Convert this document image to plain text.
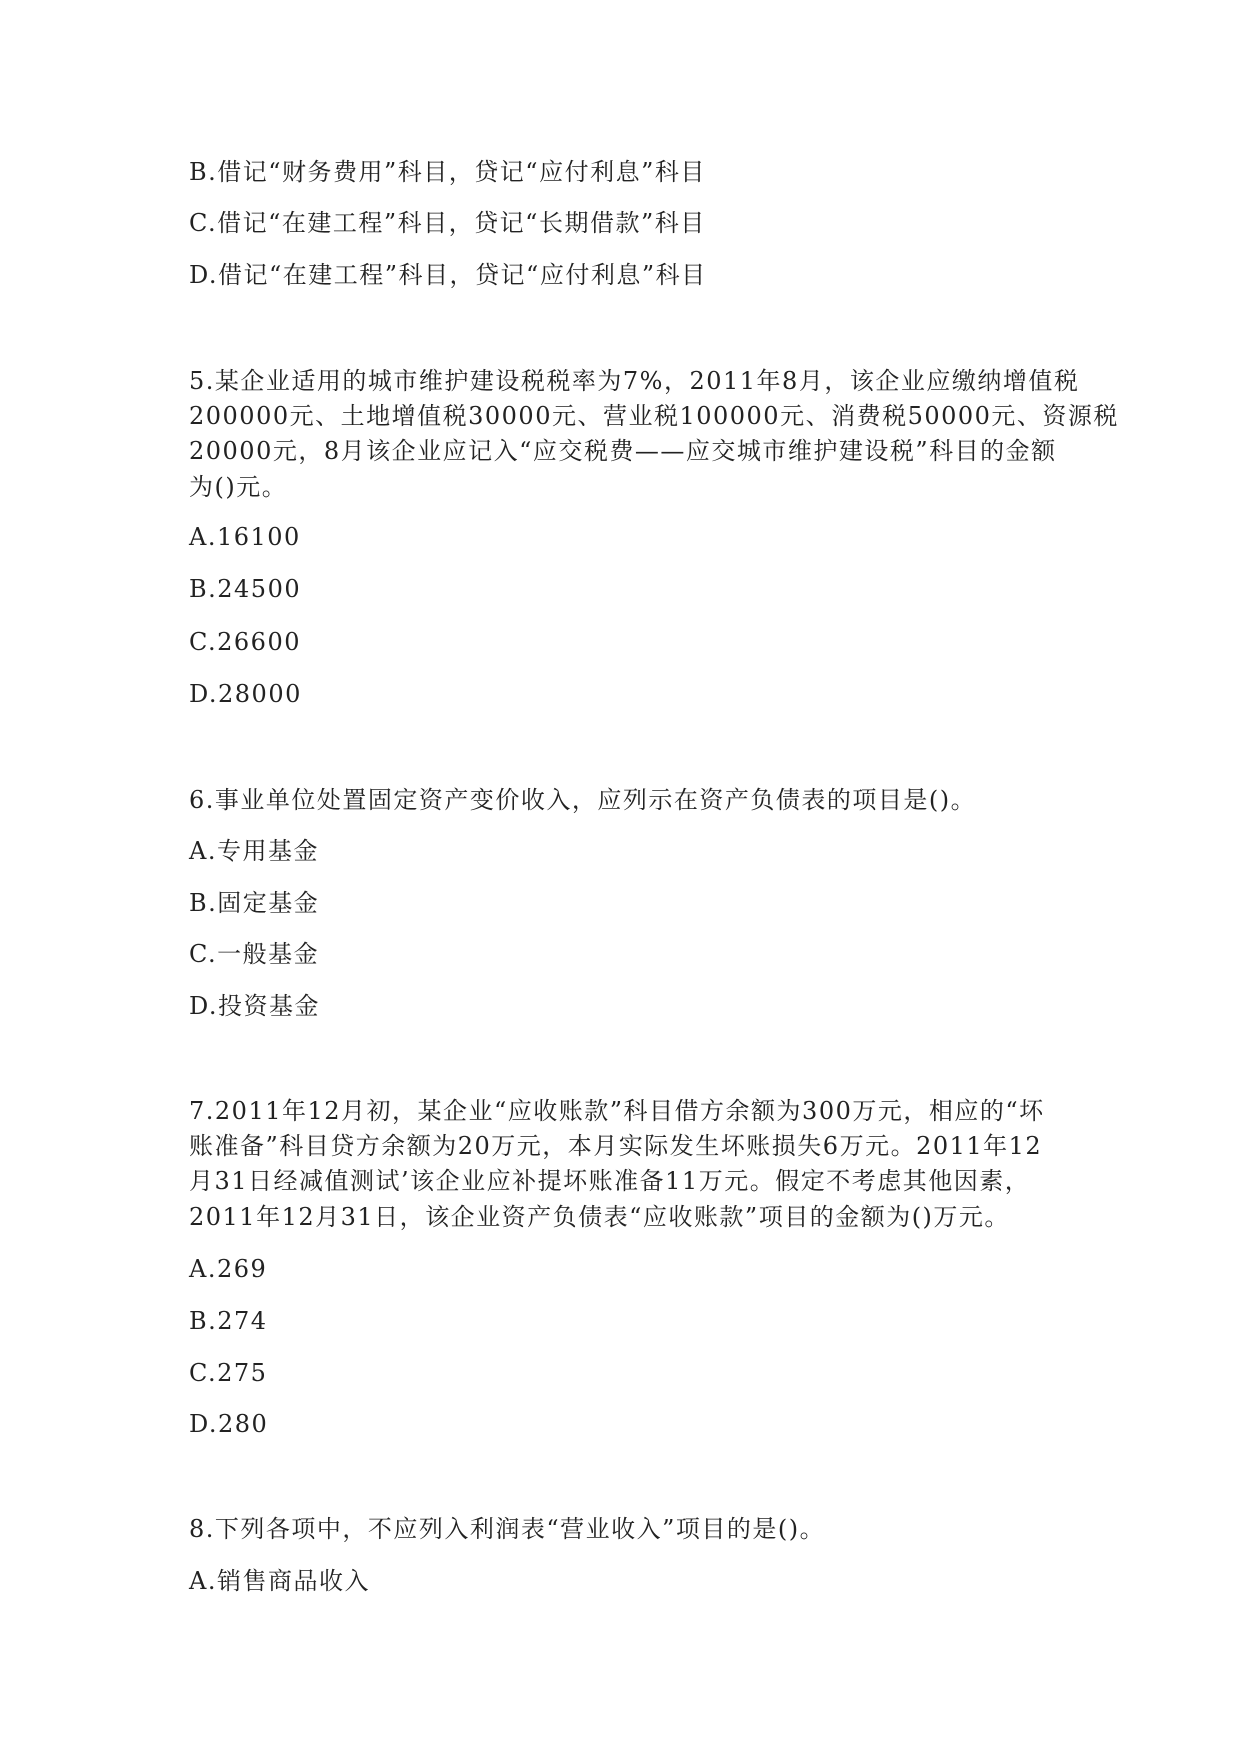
B.借记“财务费用”科目，贷记“应付利息”科目
C.借记“在建工程”科目，贷记“长期借款”科目
D.借记“在建工程”科目，贷记“应付利息”科目
5.某企业适用的城市维护建设税税率为7%，2011年8月，该企业应缴纳增值税
200000元、土地增值税30000元、营业税100000元、消费税50000元、资源税
20000元，8月该企业应记入“应交税费——应交城市维护建设税”科目的金额
为()元。
A.16100
B.24500
C.26600
D.28000
6.事业单位处置固定资产变价收入，应列示在资产负债表的项目是()。
A.专用基金
B.固定基金
C.一般基金
D.投资基金
7.2011年12月初，某企业“应收账款”科目借方余额为300万元，相应的“坏
账准备”科目贷方余额为20万元，本月实际发生坏账损失6万元。2011年12
月31日经减值测试’该企业应补提坏账准备11万元。假定不考虑其他因素，
2011年12月31日，该企业资产负债表“应收账款”项目的金额为()万元。
A.269
B.274
C.275
D.280
8.下列各项中，不应列入利润表“营业收入”项目的是()。
A.销售商品收入
